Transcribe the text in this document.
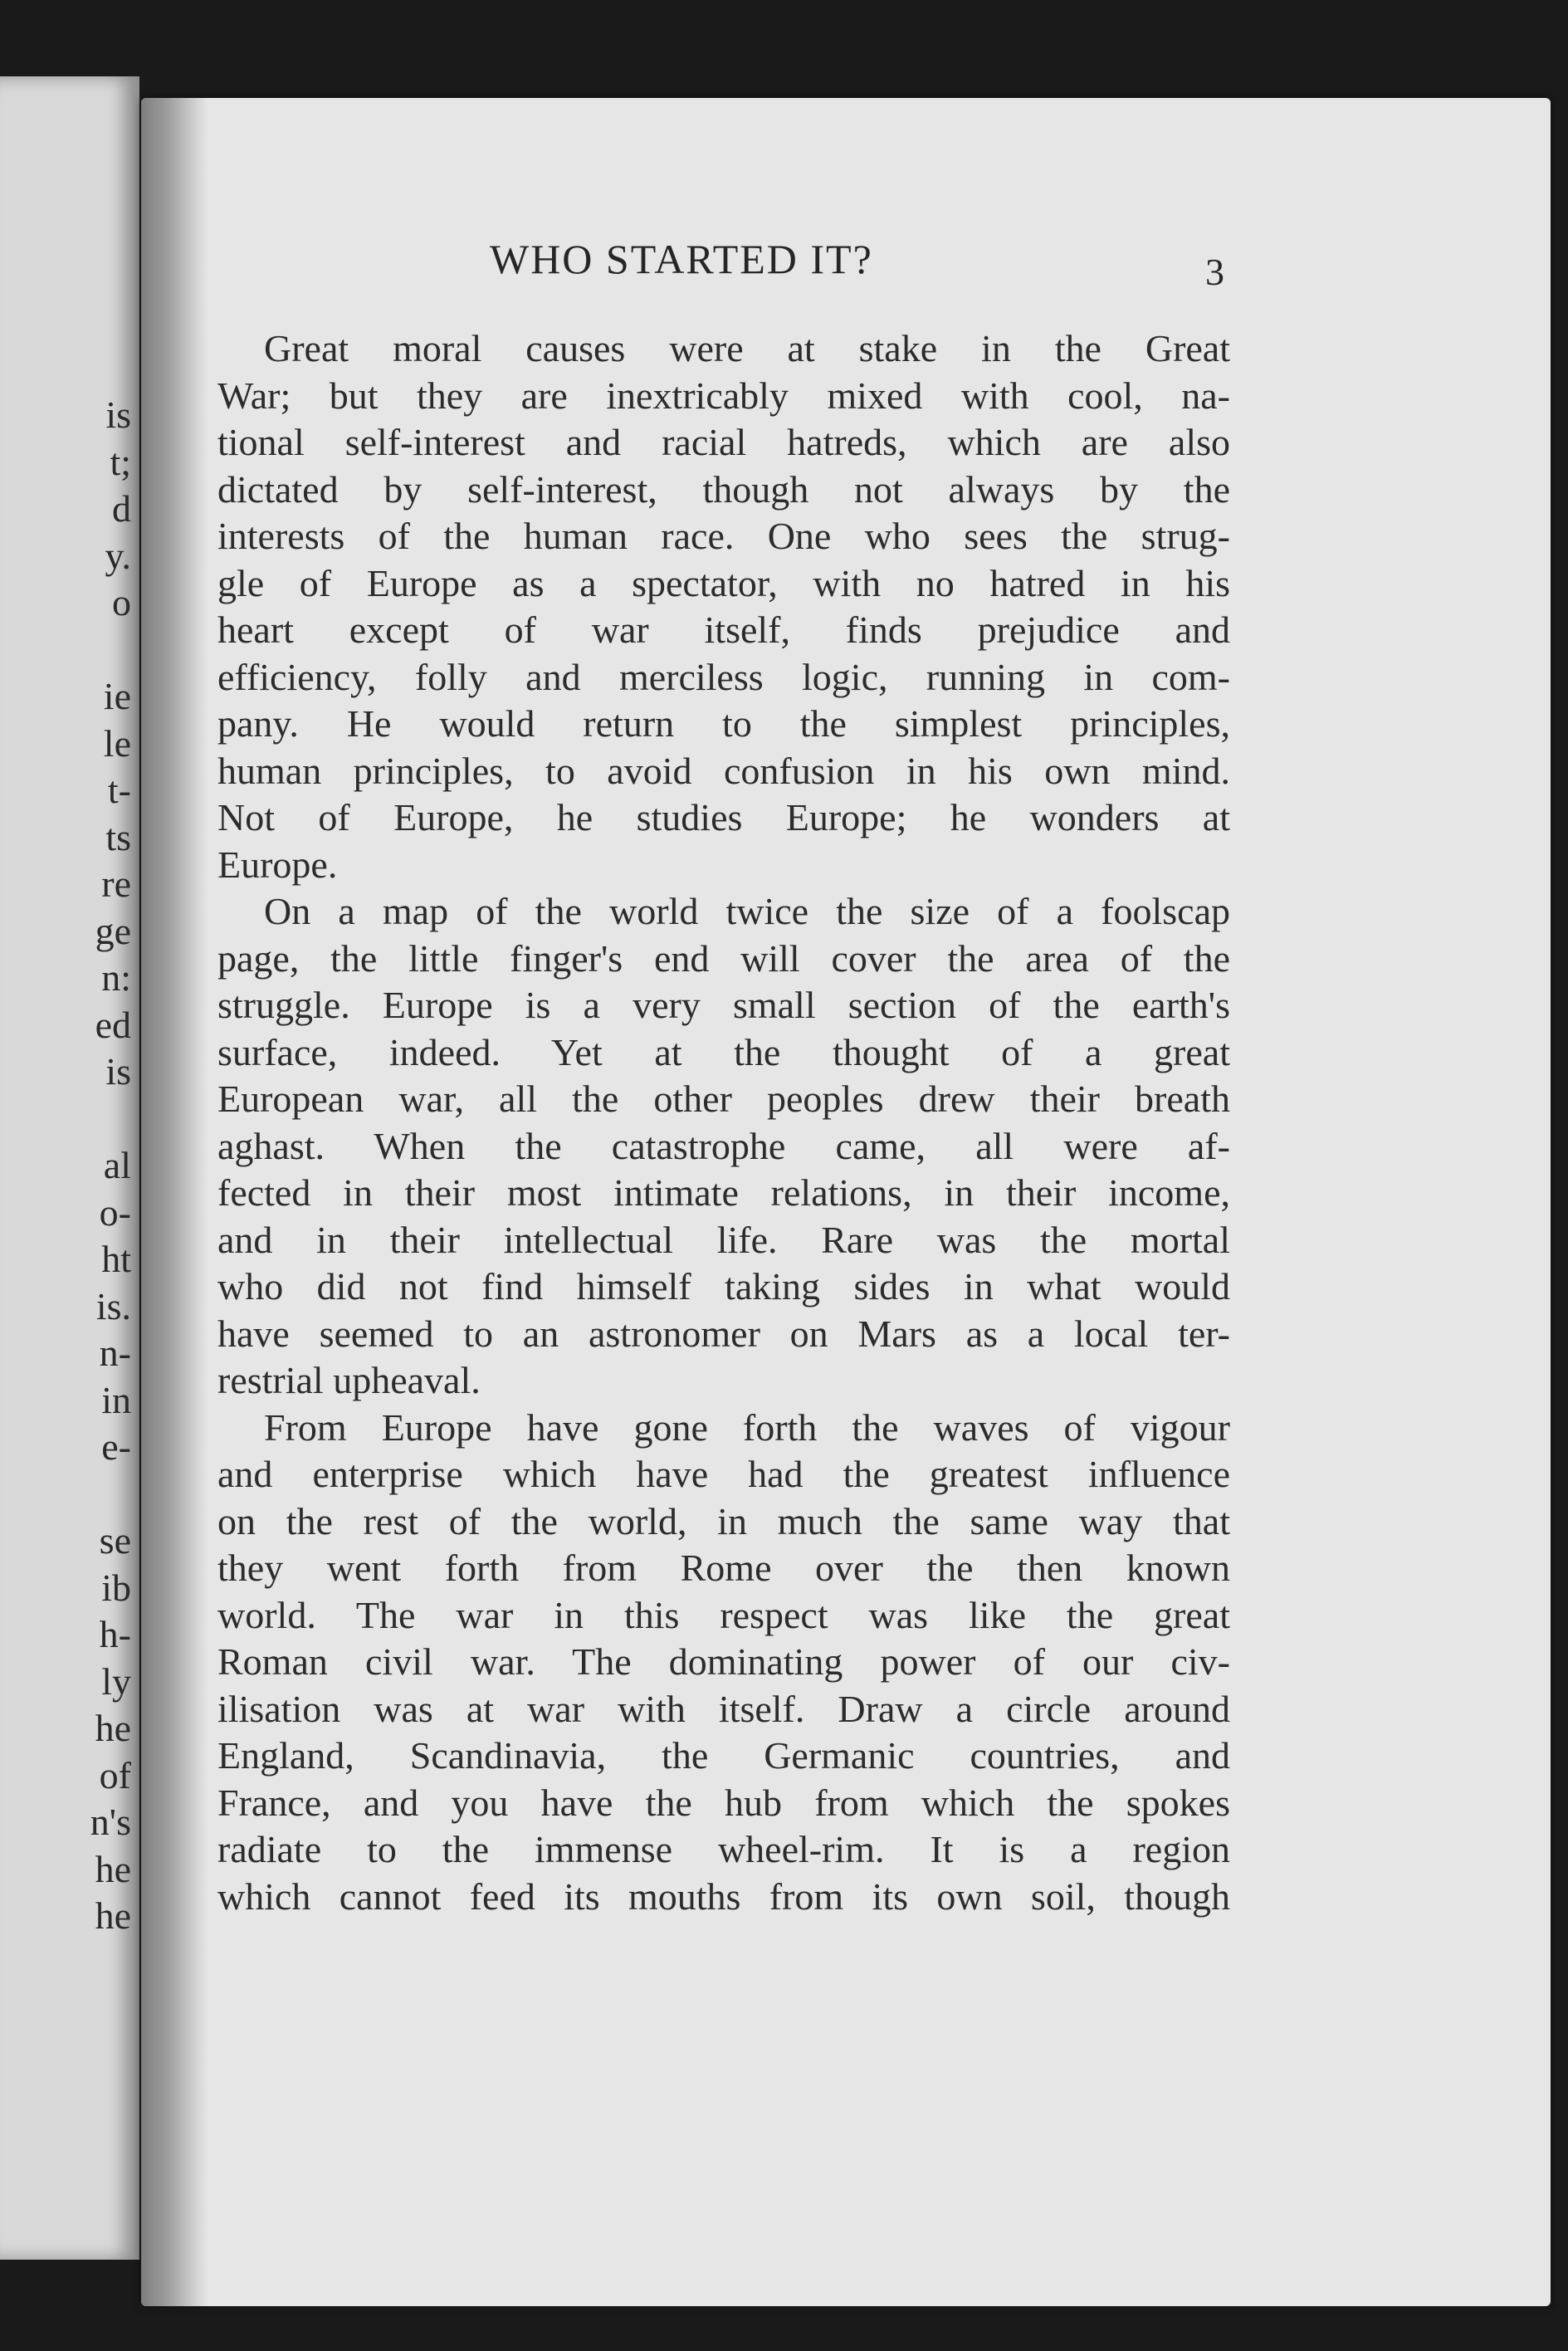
is
t;
d
y.
o
ie
le
t-
ts
re
ge
n:
ed
is
al
o-
ht
is.
n-
in
e-
se
ib
h-
ly
he
of
n's
he
he
WHO STARTED IT?	3
Great moral causes were at stake in the Great
War; but they are inextricably mixed with cool, na-
tional self-interest and racial hatreds, which are also
dictated by self-interest, though not always by the
interests of the human race. One who sees the strug-
gle of Europe as a spectator, with no hatred in his
heart except of war itself, finds prejudice and
efficiency, folly and merciless logic, running in com-
pany. He would return to the simplest principles,
human principles, to avoid confusion in his own mind.
Not of Europe, he studies Europe; he wonders at
Europe.
On a map of the world twice the size of a foolscap
page, the little finger's end will cover the area of the
struggle. Europe is a very small section of the earth's
surface, indeed. Yet at the thought of a great
European war, all the other peoples drew their breath
aghast. When the catastrophe came, all were af-
fected in their most intimate relations, in their income,
and in their intellectual life. Rare was the mortal
who did not find himself taking sides in what would
have seemed to an astronomer on Mars as a local ter-
restrial upheaval.
From Europe have gone forth the waves of vigour
and enterprise which have had the greatest influence
on the rest of the world, in much the same way that
they went forth from Rome over the then known
world. The war in this respect was like the great
Roman civil war. The dominating power of our civ-
ilisation was at war with itself. Draw a circle around
England, Scandinavia, the Germanic countries, and
France, and you have the hub from which the spokes
radiate to the immense wheel-rim. It is a region
which cannot feed its mouths from its own soil, though
